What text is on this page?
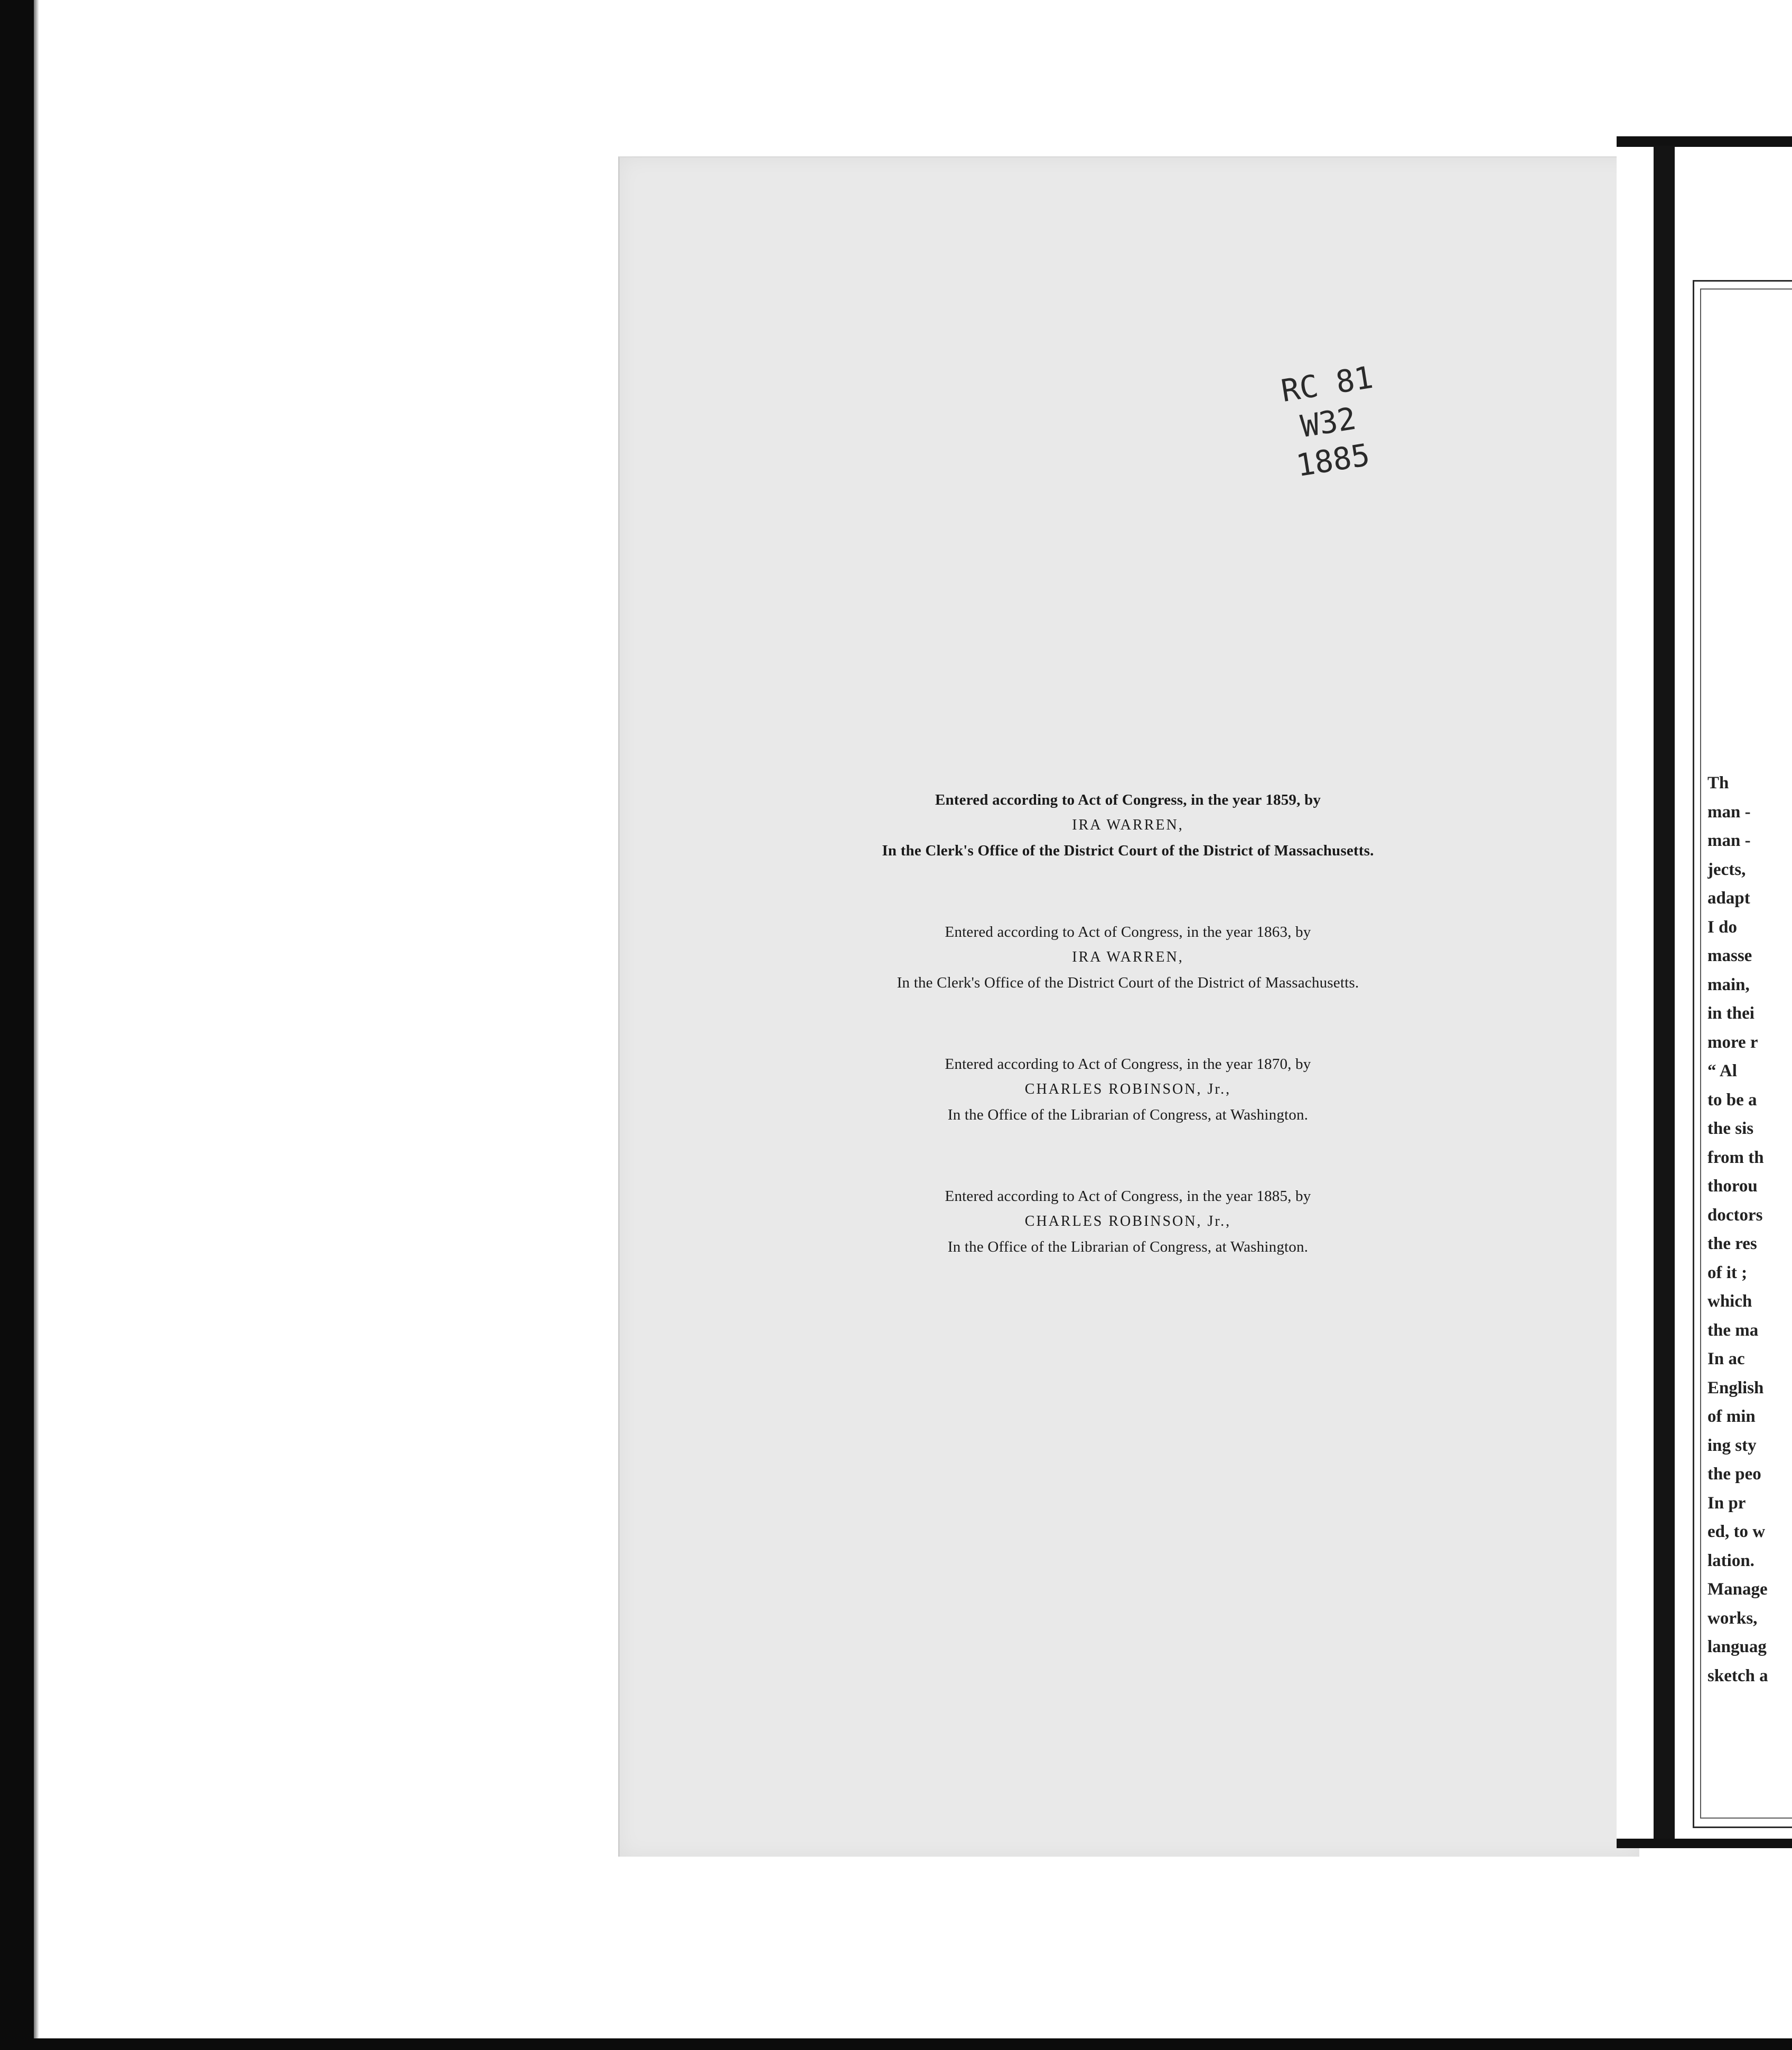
RC 81
W32
1885
Entered according to Act of Congress, in the year 1859, by
IRA WARREN,
In the Clerk's Office of the District Court of the District of Massachusetts.
Entered according to Act of Congress, in the year 1863, by
IRA WARREN,
In the Clerk's Office of the District Court of the District of Massachusetts.
Entered according to Act of Congress, in the year 1870, by
CHARLES ROBINSON, Jr.,
In the Office of the Librarian of Congress, at Washington.
Entered according to Act of Congress, in the year 1885, by
CHARLES ROBINSON, Jr.,
In the Office of the Librarian of Congress, at Washington.
Th
man -
man -
jects,
adapt
I do
masse
main,
in thei
more r
“ Al
to be a
the sis
from th
thorou
doctors
the res
of it ;
which
the ma
In ac
English
of min
ing sty
the peo
In pr
ed, to w
lation.
Manage
works,
languag
sketch a
